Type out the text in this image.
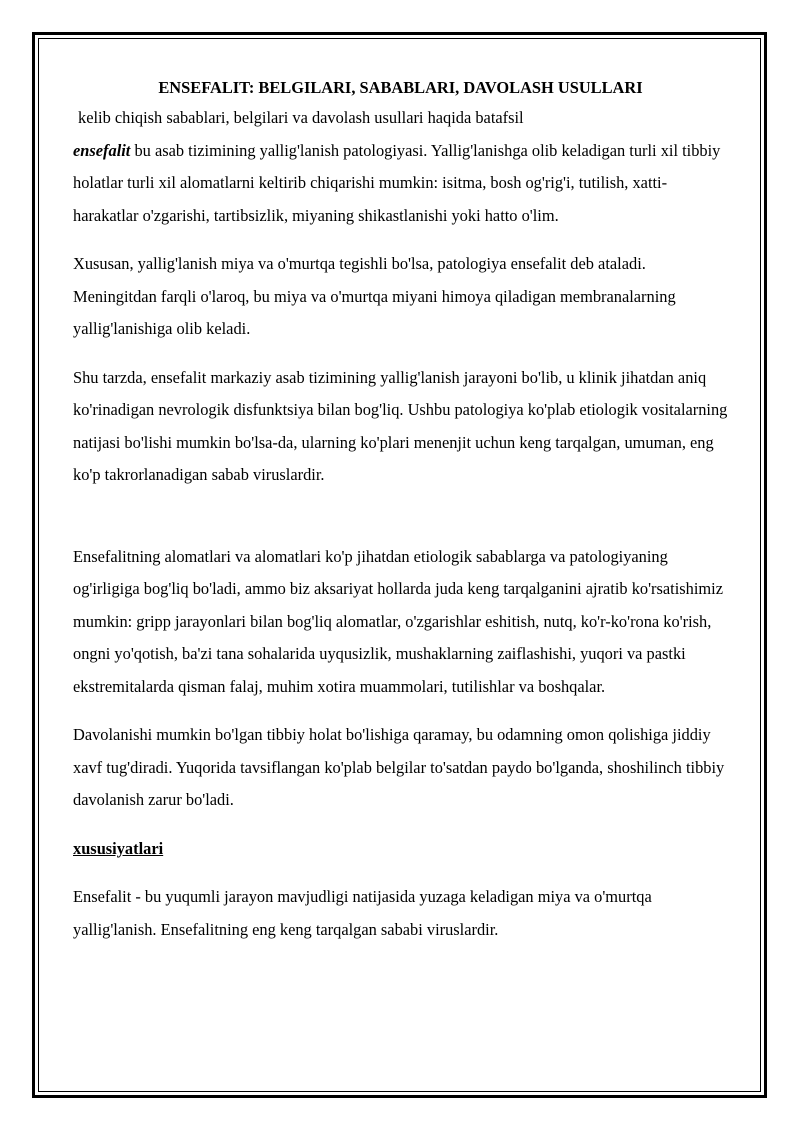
ENSEFALIT: BELGILARI, SABABLARI, DAVOLASH USULLARI

kelib chiqish sabablari, belgilari va davolash usullari haqida batafsil

ensefalit bu asab tizimining yallig'lanish patologiyasi. Yallig'lanishga olib keladigan turli xil tibbiy holatlar turli xil alomatlarni keltirib chiqarishi mumkin: isitma, bosh og'rig'i, tutilish, xatti-harakatlar o'zgarishi, tartibsizlik, miyaning shikastlanishi yoki hatto o'lim.

Xususan, yallig'lanish miya va o'murtqa tegishli bo'lsa, patologiya ensefalit deb ataladi. Meningitdan farqli o'laroq, bu miya va o'murtqa miyani himoya qiladigan membranalarning yallig'lanishiga olib keladi.

Shu tarzda, ensefalit markaziy asab tizimining yallig'lanish jarayoni bo'lib, u klinik jihatdan aniq ko'rinadigan nevrologik disfunktsiya bilan bog'liq. Ushbu patologiya ko'plab etiologik vositalarning natijasi bo'lishi mumkin bo'lsa-da, ularning ko'plari menenjit uchun keng tarqalgan, umuman, eng ko'p takrorlanadigan sabab viruslardir.

Ensefalitning alomatlari va alomatlari ko'p jihatdan etiologik sabablarga va patologiyaning og'irligiga bog'liq bo'ladi, ammo biz aksariyat hollarda juda keng tarqalganini ajratib ko'rsatishimiz mumkin: gripp jarayonlari bilan bog'liq alomatlar, o'zgarishlar eshitish, nutq, ko'r-ko'rona ko'rish, ongni yo'qotish, ba'zi tana sohalarida uyqusizlik, mushaklarning zaiflashishi, yuqori va pastki ekstremitalarda qisman falaj, muhim xotira muammolari, tutilishlar va boshqalar.

Davolanishi mumkin bo'lgan tibbiy holat bo'lishiga qaramay, bu odamning omon qolishiga jiddiy xavf tug'diradi. Yuqorida tavsiflangan ko'plab belgilar to'satdan paydo bo'lganda, shoshilinch tibbiy davolanish zarur bo'ladi.

xususiyatlari

Ensefalit - bu yuqumli jarayon mavjudligi natijasida yuzaga keladigan miya va o'murtqa yallig'lanish. Ensefalitning eng keng tarqalgan sababi viruslardir.
